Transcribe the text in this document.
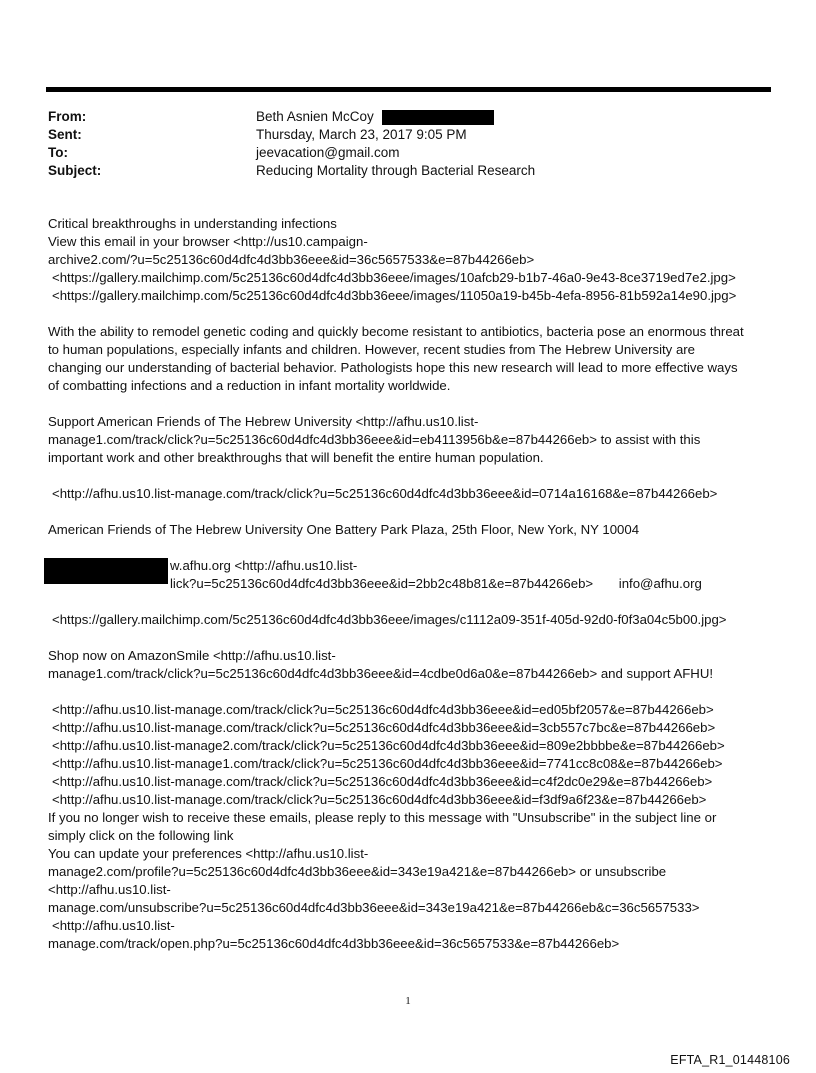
From:	Beth Asnien McCoy
Sent:	Thursday, March 23, 2017 9:05 PM
To:	jeevacation@gmail.com
Subject:	Reducing Mortality through Bacterial Research

Critical breakthroughs in understanding infections

View this email in your browser <http://us10.campaign-

archive2.com/?u=5c25136c60d4dfc4d3bb36eee&id=36c5657533&e=87b44266eb>

<https://gallery.mailchimp.com/5c25136c60d4dfc4d3bb36eee/images/10afcb29-b1b7-46a0-9e43-8ce3719ed7e2.jpg>

<https://gallery.mailchimp.com/5c25136c60d4dfc4d3bb36eee/images/11050a19-b45b-4efa-8956-81b592a14e90.jpg>

With the ability to remodel genetic coding and quickly become resistant to antibiotics, bacteria pose an enormous threat

to human populations, especially infants and children. However, recent studies from The Hebrew University are

changing our understanding of bacterial behavior. Pathologists hope this new research will lead to more effective ways

of combatting infections and a reduction in infant mortality worldwide.

Support American Friends of The Hebrew University <http://afhu.us10.list-

manage1.com/track/click?u=5c25136c60d4dfc4d3bb36eee&id=eb4113956b&e=87b44266eb> to assist with this

important work and other breakthroughs that will benefit the entire human population.

<http://afhu.us10.list-manage.com/track/click?u=5c25136c60d4dfc4d3bb36eee&id=0714a16168&e=87b44266eb>

American Friends of The Hebrew University One Battery Park Plaza, 25th Floor, New York, NY 10004

w.afhu.org <http://afhu.us10.list-

lick?u=5c25136c60d4dfc4d3bb36eee&id=2bb2c48b81&e=87b44266eb> info@afhu.org

<https://gallery.mailchimp.com/5c25136c60d4dfc4d3bb36eee/images/c1112a09-351f-405d-92d0-f0f3a04c5b00.jpg>

Shop now on AmazonSmile <http://afhu.us10.list-

manage1.com/track/click?u=5c25136c60d4dfc4d3bb36eee&id=4cdbe0d6a0&e=87b44266eb> and support AFHU!

<http://afhu.us10.list-manage.com/track/click?u=5c25136c60d4dfc4d3bb36eee&id=ed05bf2057&e=87b44266eb>

<http://afhu.us10.list-manage.com/track/click?u=5c25136c60d4dfc4d3bb36eee&id=3cb557c7bc&e=87b44266eb>

<http://afhu.us10.list-manage2.com/track/click?u=5c25136c60d4dfc4d3bb36eee&id=809e2bbbbe&e=87b44266eb>

<http://afhu.us10.list-manage1.com/track/click?u=5c25136c60d4dfc4d3bb36eee&id=7741cc8c08&e=87b44266eb>

<http://afhu.us10.list-manage.com/track/click?u=5c25136c60d4dfc4d3bb36eee&id=c4f2dc0e29&e=87b44266eb>

<http://afhu.us10.list-manage.com/track/click?u=5c25136c60d4dfc4d3bb36eee&id=f3df9a6f23&e=87b44266eb>

If you no longer wish to receive these emails, please reply to this message with "Unsubscribe" in the subject line or

simply click on the following link

You can update your preferences <http://afhu.us10.list-

manage2.com/profile?u=5c25136c60d4dfc4d3bb36eee&id=343e19a421&e=87b44266eb> or unsubscribe

<http://afhu.us10.list-

manage.com/unsubscribe?u=5c25136c60d4dfc4d3bb36eee&id=343e19a421&e=87b44266eb&c=36c5657533>

<http://afhu.us10.list-

manage.com/track/open.php?u=5c25136c60d4dfc4d3bb36eee&id=36c5657533&e=87b44266eb>

1
EFTA_R1_01448106
